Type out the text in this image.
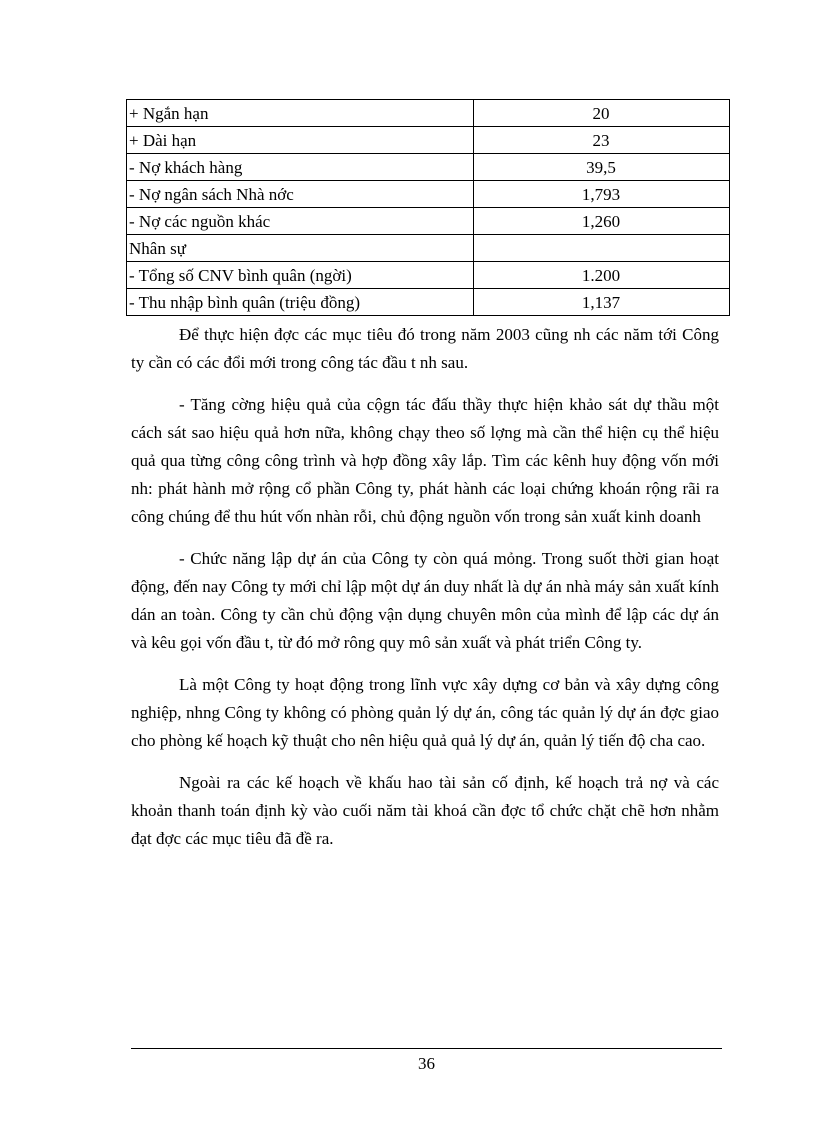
+ Ngắn hạn	20
+ Dài hạn	23
- Nợ khách hàng	39,5
- Nợ ngân sách Nhà nớc	1,793
- Nợ các nguồn khác	1,260
Nhân sự	
- Tổng số CNV bình quân (ngời)	1.200
- Thu nhập bình quân (triệu đồng)	1,137

Để thực hiện đợc các mục tiêu đó trong năm 2003 cũng nh các năm tới Công ty cần có các đổi mới trong công tác đầu t nh sau.

- Tăng cờng hiệu quả của cộgn tác đấu thầy thực hiện khảo sát dự thầu một cách sát sao hiệu quả hơn nữa, không chạy theo số lợng mà cần thể hiện cụ thể hiệu quả qua từng công công trình và hợp đồng xây lắp. Tìm các kênh huy động vốn mới nh: phát hành mở rộng cổ phần Công ty, phát hành các loại chứng khoán rộng rãi ra công chúng để thu hút vốn nhàn rỗi, chủ động nguồn vốn trong sản xuất kinh doanh

- Chức năng lập dự án của Công ty còn quá mỏng. Trong suốt thời gian hoạt động, đến nay Công ty mới chỉ lập một dự án duy nhất là dự án nhà máy sản xuất kính dán an toàn. Công ty cần chủ động vận dụng chuyên môn của mình để lập các dự án và kêu gọi vốn đầu t, từ đó mở rông quy mô sản xuất và phát triển Công ty.

Là một Công ty hoạt động trong lĩnh vực xây dựng cơ bản và xây dựng công nghiệp, nhng Công ty không có phòng quản lý dự án, công tác quản lý dự án đợc giao cho phòng kế hoạch kỹ thuật cho nên hiệu quả quả lý dự án, quản lý tiến độ cha cao.

Ngoài ra các kế hoạch về khấu hao tài sản cố định, kế hoạch trả nợ và các khoản thanh toán định kỳ vào cuối năm tài khoá cần đợc tổ chức chặt chẽ hơn nhằm đạt đợc các mục tiêu đã đề ra.

36
